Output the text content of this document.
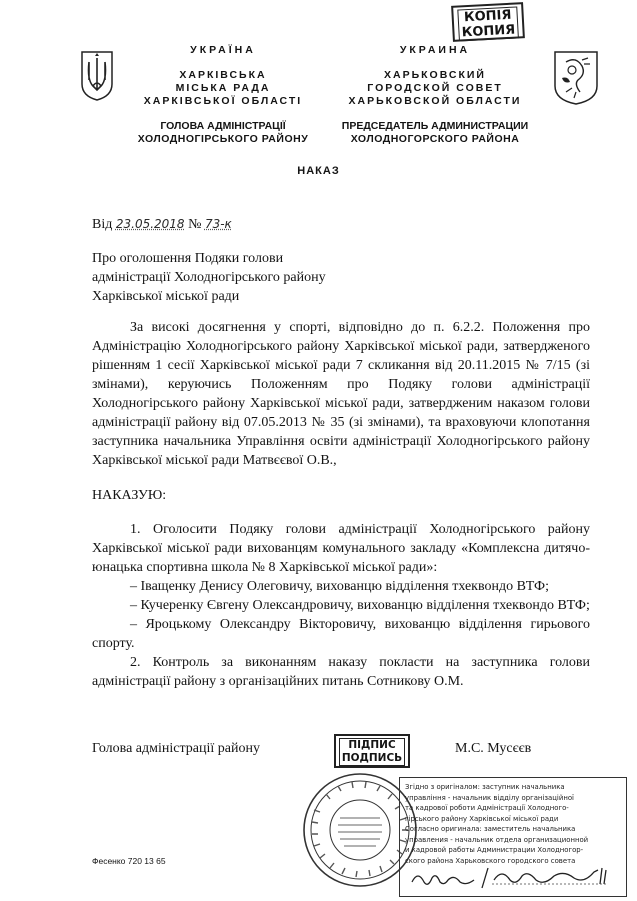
КОПІЯ
КОПИЯ
УКРАЇНА
ХАРКІВСЬКА
МІСЬКА РАДА
ХАРКІВСЬКОЇ ОБЛАСТІ
ГОЛОВА АДМІНІСТРАЦІЇ
ХОЛОДНОГІРСЬКОГО РАЙОНУ
УКРАИНА
ХАРЬКОВСКИЙ
ГОРОДСКОЙ СОВЕТ
ХАРЬКОВСКОЙ ОБЛАСТИ
ПРЕДСЕДАТЕЛЬ АДМИНИСТРАЦИИ
ХОЛОДНОГОРСКОГО РАЙОНА
НАКАЗ
Від 23.05.2018 № 73-к
Про оголошення Подяки голови
адміністрації Холодногірського району
Харківської міської ради

За високі досягнення у спорті, відповідно до п. 6.2.2. Положення про Адміністрацію Холодногірського району Харківської міської ради, затвердженого рішенням 1 сесії Харківської міської ради 7 скликання від 20.11.2015 № 7/15 (зі змінами), керуючись Положенням про Подяку голови адміністрації Холодногірського району Харківської міської ради, затвердженим наказом голови адміністрації району від 07.05.2013 № 35 (зі змінами), та враховуючи клопотання заступника начальника Управління освіти адміністрації Холодногірського району Харківської міської ради Матвєєвої О.В.,

НАКАЗУЮ:

1. Оголосити Подяку голови адміністрації Холодногірського району Харківської міської ради вихованцям комунального закладу «Комплексна дитячо-юнацька спортивна школа № 8 Харківської міської ради»:

– Іващенку Денису Олеговичу, вихованцю відділення тхеквондо ВТФ;

– Кучеренку Євгену Олександровичу, вихованцю відділення тхеквондо ВТФ;

– Яроцькому Олександру Вікторовичу, вихованцю відділення гирьового спорту.

2. Контроль за виконанням наказу покласти на заступника голови адміністрації району з організаційних питань Сотникову О.М.

Голова адміністрації району	ПІДПИС
ПОДПИСЬ
М.С. Мусєєв
Згідно з оригіналом: заступник начальника
управління - начальник відділу організаційної
та кадрової роботи Адміністрації Холодного-
гірського району Харківської міської ради
Согласно оригинала: заместитель начальника
управления - начальник отдела организационной
и кадровой работы Администрации Холодногор-
ского района Харьковского городского совета
Фесенко 720 13 65
